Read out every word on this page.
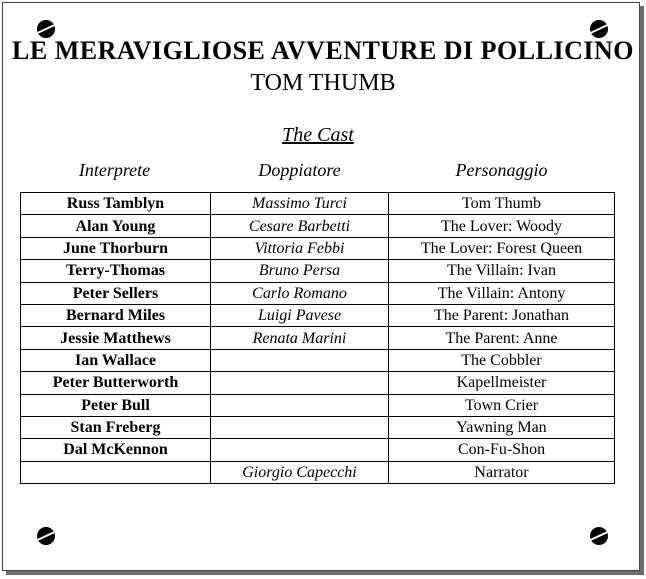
LE MERAVIGLIOSE AVVENTURE DI POLLICINO
TOM THUMB
The Cast
Interprete	Doppiatore	Personaggio
Russ Tamblyn	Massimo Turci	Tom Thumb
Alan Young	Cesare Barbetti	The Lover: Woody
June Thorburn	Vittoria Febbi	The Lover: Forest Queen
Terry-Thomas	Bruno Persa	The Villain: Ivan
Peter Sellers	Carlo Romano	The Villain: Antony
Bernard Miles	Luigi Pavese	The Parent: Jonathan
Jessie Matthews	Renata Marini	The Parent: Anne
Ian Wallace		The Cobbler
Peter Butterworth		Kapellmeister
Peter Bull		Town Crier
Stan Freberg		Yawning Man
Dal McKennon		Con-Fu-Shon
	Giorgio Capecchi	Narrator
